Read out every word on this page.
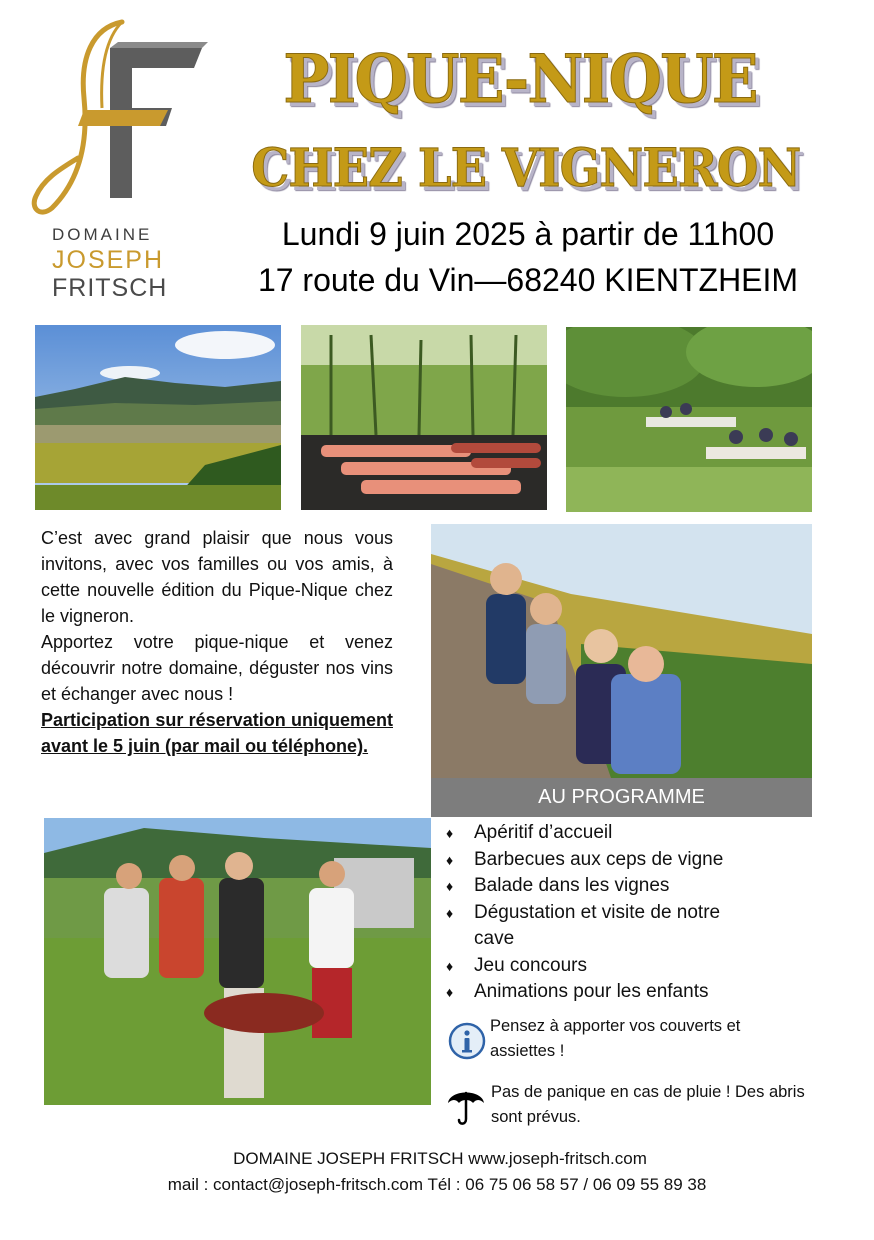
DOMAINE
JOSEPH
FRITSCH
PIQUE-NIQUE
CHEZ LE VIGNERON
Lundi 9 juin 2025 à partir de 11h00
17 route du Vin—68240 KIENTZHEIM

C’est avec grand plaisir que nous vous invitons, avec vos familles ou vos amis, à cette nouvelle édition du Pique-Nique chez le vigneron.

Apportez votre pique-nique et venez découvrir notre domaine, déguster nos vins et échanger avec nous !

Participation sur réservation uniquement avant le 5 juin (par mail ou téléphone).

AU PROGRAMME
♦ Apéritif d’accueil
♦ Barbecues aux ceps de vigne
♦ Balade dans les vignes
♦ Dégustation et visite de notre cave
♦ Jeu concours
♦ Animations pour les enfants
Pensez à apporter vos couverts et assiettes !
Pas de panique en cas de pluie ! Des abris sont prévus.
DOMAINE JOSEPH FRITSCH www.joseph-fritsch.com
mail : contact@joseph-fritsch.com Tél : 06 75 06 58 57 / 06 09 55 89 38
